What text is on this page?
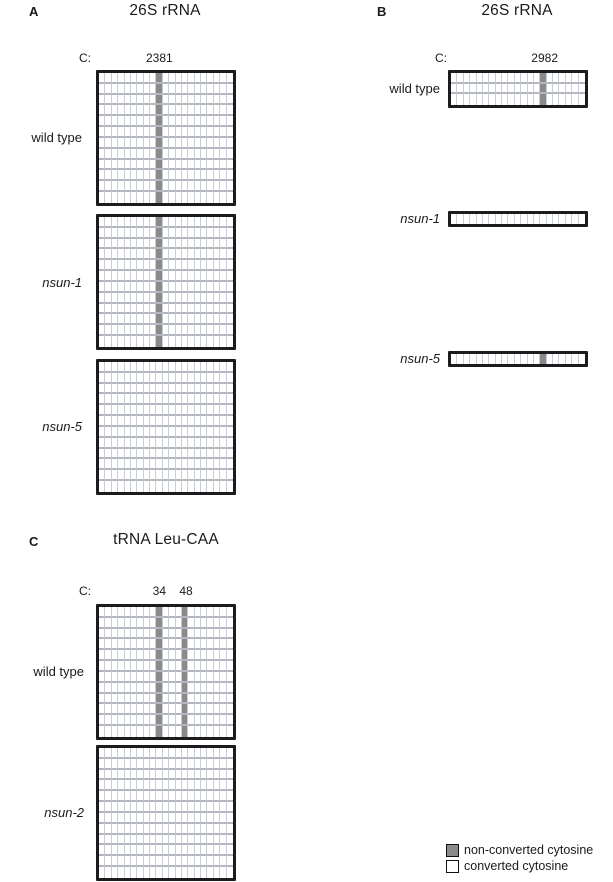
A	26S rRNA
C:	2381
wild type
nsun-1
nsun-5
B	26S rRNA
C:	2982
wild type
nsun-1
nsun-5
C	tRNA Leu-CAA
C:	34 48
wild type
nsun-2
non-converted cytosine
converted cytosine
